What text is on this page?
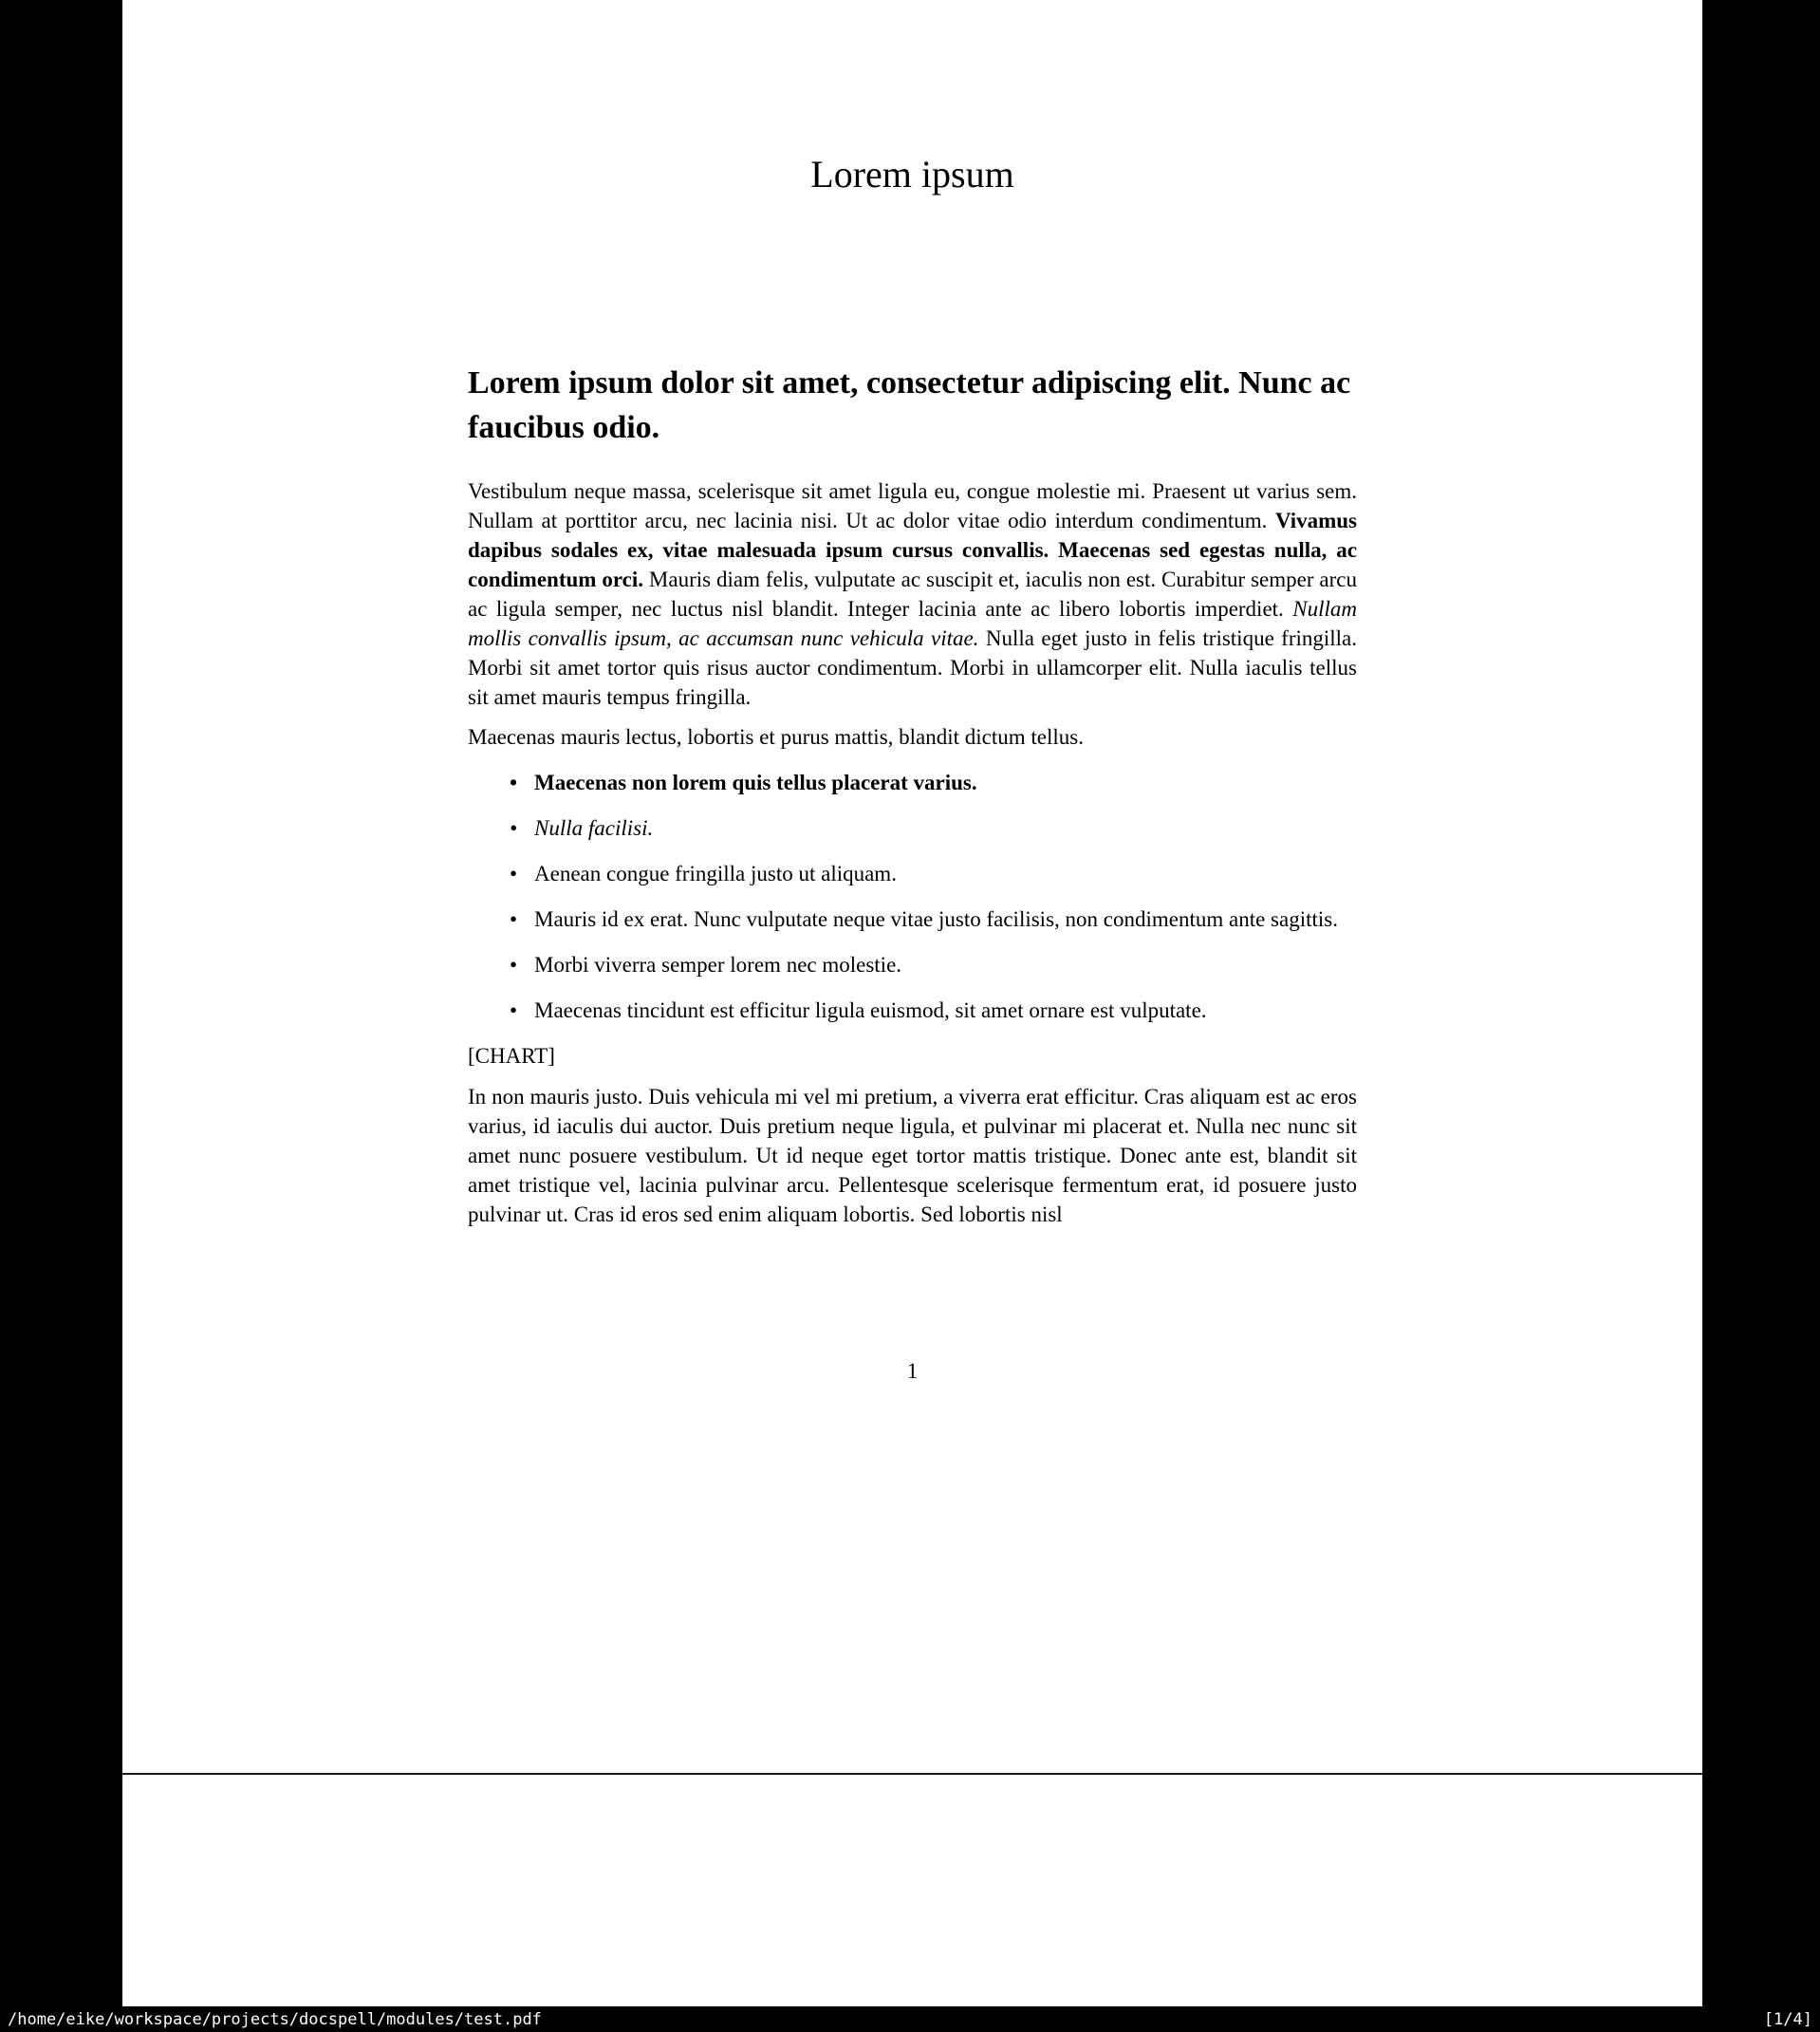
Lorem ipsum
Lorem ipsum dolor sit amet, consectetur adipiscing elit. Nunc ac faucibus odio.

Vestibulum neque massa, scelerisque sit amet ligula eu, congue molestie mi. Praesent ut varius sem. Nullam at porttitor arcu, nec lacinia nisi. Ut ac dolor vitae odio interdum condimentum. Vivamus dapibus sodales ex, vitae malesuada ipsum cursus convallis. Maecenas sed egestas nulla, ac condimentum orci. Mauris diam felis, vulputate ac suscipit et, iaculis non est. Curabitur semper arcu ac ligula semper, nec luctus nisl blandit. Integer lacinia ante ac libero lobortis imperdiet. Nullam mollis convallis ipsum, ac accumsan nunc vehicula vitae. Nulla eget justo in felis tristique fringilla. Morbi sit amet tortor quis risus auctor condimentum. Morbi in ullamcorper elit. Nulla iaculis tellus sit amet mauris tempus fringilla.

Maecenas mauris lectus, lobortis et purus mattis, blandit dictum tellus.

• Maecenas non lorem quis tellus placerat varius.
• Nulla facilisi.
• Aenean congue fringilla justo ut aliquam.
• Mauris id ex erat. Nunc vulputate neque vitae justo facilisis, non condimentum ante sagittis.
• Morbi viverra semper lorem nec molestie.
• Maecenas tincidunt est efficitur ligula euismod, sit amet ornare est vulputate.

[CHART]

In non mauris justo. Duis vehicula mi vel mi pretium, a viverra erat efficitur. Cras aliquam est ac eros varius, id iaculis dui auctor. Duis pretium neque ligula, et pulvinar mi placerat et. Nulla nec nunc sit amet nunc posuere vestibulum. Ut id neque eget tortor mattis tristique. Donec ante est, blandit sit amet tristique vel, lacinia pulvinar arcu. Pellentesque scelerisque fermentum erat, id posuere justo pulvinar ut. Cras id eros sed enim aliquam lobortis. Sed lobortis nisl

1

/home/eike/workspace/projects/docspell/modules/test.pdf	[1/4]
